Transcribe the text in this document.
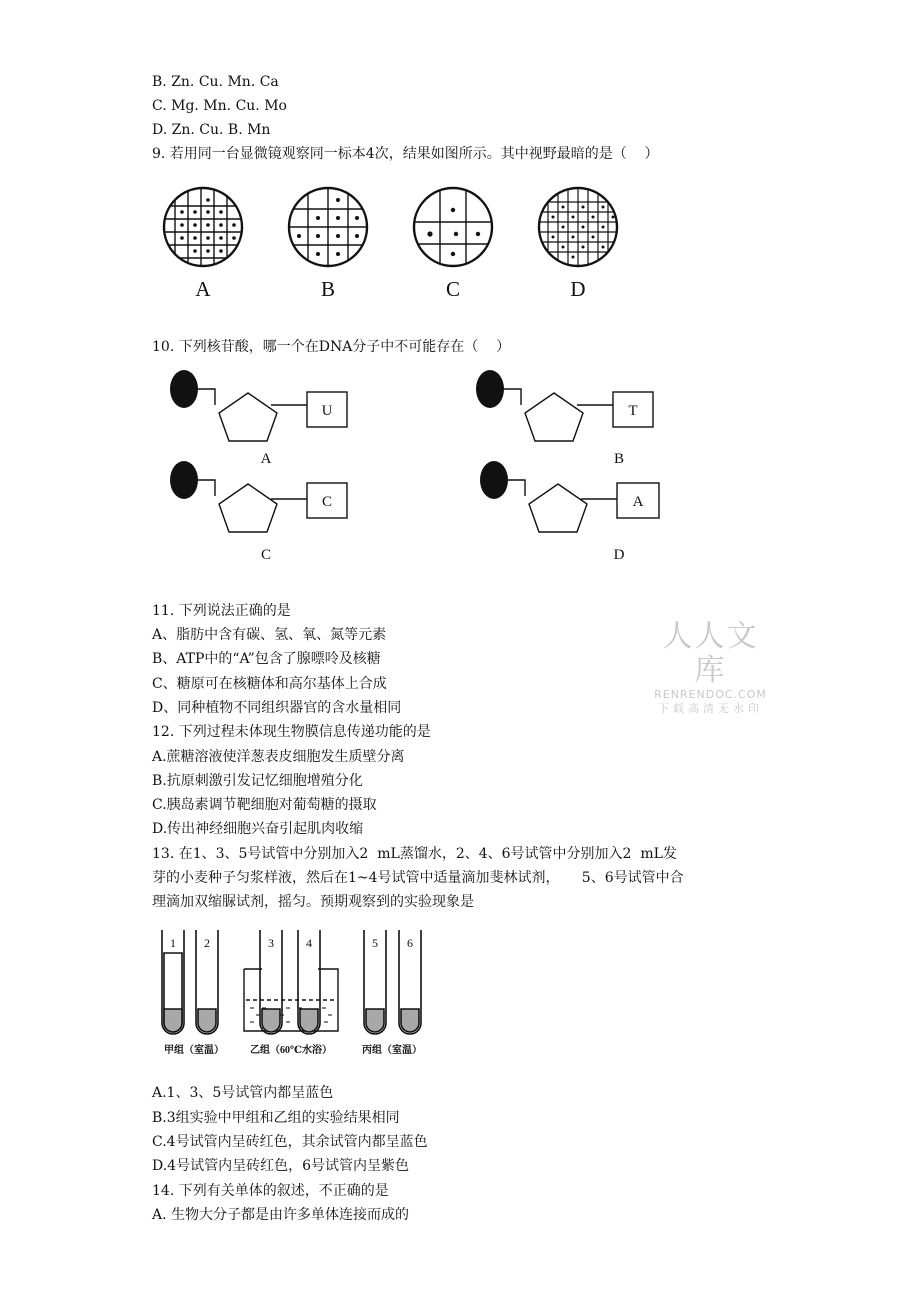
B. Zn. Cu. Mn. Ca
C. Mg. Mn. Cu. Mo
D. Zn. Cu. B. Mn
9. 若用同一台显微镜观察同一标本4次，结果如图所示。其中视野最暗的是（    ）
A	B	C	D
10. 下列核苷酸，哪一个在DNA分子中不可能存在（    ）
U	T
C	A
A	B
C	D
11. 下列说法正确的是
A、脂肪中含有碳、氢、氧、氮等元素
B、ATP中的“A”包含了腺嘌呤及核糖
C、糖原可在核糖体和高尔基体上合成
D、同种植物不同组织器官的含水量相同
12. 下列过程未体现生物膜信息传递功能的是
A.蔗糖溶液使洋葱表皮细胞发生质壁分离
B.抗原刺激引发记忆细胞增殖分化
C.胰岛素调节靶细胞对葡萄糖的摄取
D.传出神经细胞兴奋引起肌肉收缩
13. 在1、3、5号试管中分别加入2  mL蒸馏水，2、4、6号试管中分别加入2  mL发
芽的小麦种子匀浆样液，然后在1~4号试管中适量滴加斐林试剂，     5、6号试管中合
理滴加双缩脲试剂，摇匀。预期观察到的实验现象是
人人文库
RENRENDOC.COM
下载高清无水印
1 2	3	4	5 6
甲组（室温）	乙组（60℃水浴）	丙组（室温）
A.1、3、5号试管内都呈蓝色
B.3组实验中甲组和乙组的实验结果相同
C.4号试管内呈砖红色，其余试管内都呈蓝色
D.4号试管内呈砖红色，6号试管内呈紫色
14. 下列有关单体的叙述，不正确的是
A. 生物大分子都是由许多单体连接而成的
